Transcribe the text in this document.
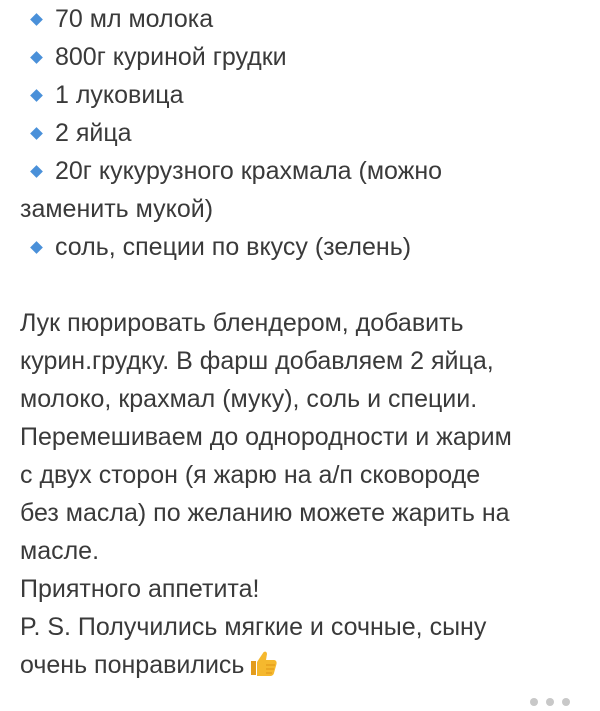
70 мл молока
800г куриной грудки
1 луковица
2 яйца
20г кукурузного крахмала (можно
заменить мукой)
соль, специи по вкусу (зелень)

Лук пюрировать блендером, добавить
курин.грудку. В фарш добавляем 2 яйца,
молоко, крахмал (муку), соль и специи.
Перемешиваем до однородности и жарим
с двух сторон (я жарю на а/п сковороде
без масла) по желанию можете жарить на
масле.

Приятного аппетита!
P. S. Получились мягкие и сочные, сыну
очень понравились
